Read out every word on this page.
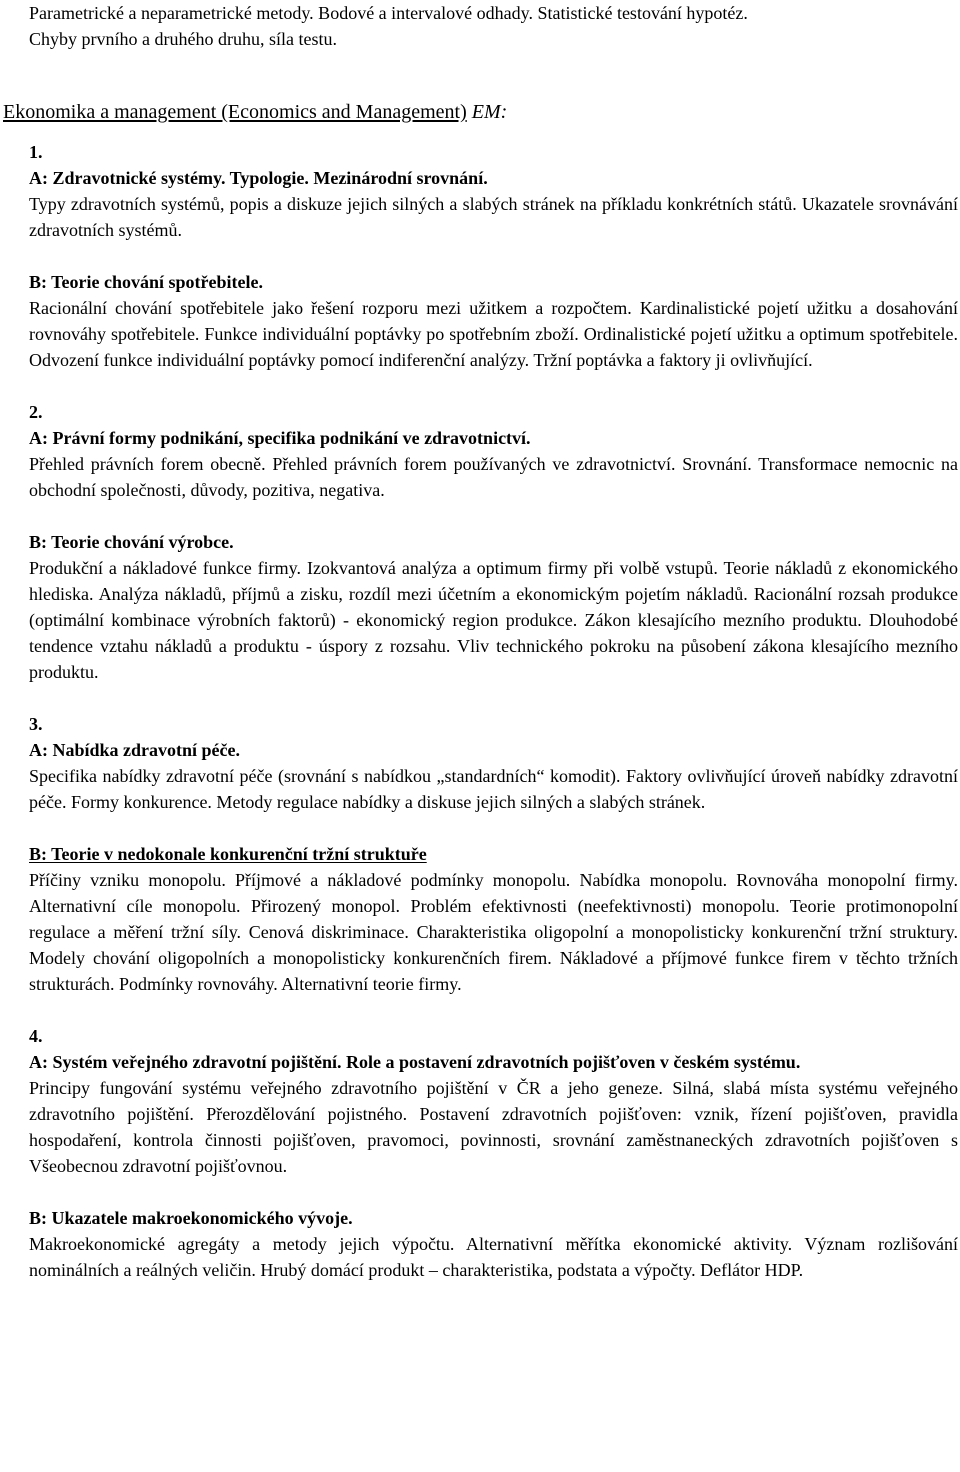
Parametrické a neparametrické metody. Bodové a intervalové odhady. Statistické testování hypotéz.
Chyby prvního a druhého druhu, síla testu.

Ekonomika a management (Economics and Management) EM:

1.

A: Zdravotnické systémy. Typologie. Mezinárodní srovnání.
Typy zdravotních systémů, popis a diskuze jejich silných a slabých stránek na příkladu konkrétních států. Ukazatele srovnávání zdravotních systémů.

B: Teorie chování spotřebitele.
Racionální chování spotřebitele jako řešení rozporu mezi užitkem a rozpočtem. Kardinalistické pojetí užitku a dosahování rovnováhy spotřebitele. Funkce individuální poptávky po spotřebním zboží. Ordinalistické pojetí užitku a optimum spotřebitele. Odvození funkce individuální poptávky pomocí indiferenční analýzy. Tržní poptávka a faktory ji ovlivňující.

2.

A: Právní formy podnikání, specifika podnikání ve zdravotnictví.
Přehled právních forem obecně. Přehled právních forem používaných ve zdravotnictví. Srovnání. Transformace nemocnic na obchodní společnosti, důvody, pozitiva, negativa.

B: Teorie chování výrobce.
Produkční a nákladové funkce firmy. Izokvantová analýza a optimum firmy při volbě vstupů. Teorie nákladů z ekonomického hlediska. Analýza nákladů, příjmů a zisku, rozdíl mezi účetním a ekonomickým pojetím nákladů. Racionální rozsah produkce (optimální kombinace výrobních faktorů) - ekonomický region produkce. Zákon klesajícího mezního produktu. Dlouhodobé tendence vztahu nákladů a produktu - úspory z rozsahu. Vliv technického pokroku na působení zákona klesajícího mezního produktu.

3.

A: Nabídka zdravotní péče.
Specifika nabídky zdravotní péče (srovnání s nabídkou „standardních“ komodit). Faktory ovlivňující úroveň nabídky zdravotní péče. Formy konkurence. Metody regulace nabídky a diskuse jejich silných a slabých stránek.

B: Teorie v nedokonale konkurenční tržní struktuře
Příčiny vzniku monopolu. Příjmové a nákladové podmínky monopolu. Nabídka monopolu. Rovnováha monopolní firmy. Alternativní cíle monopolu. Přirozený monopol. Problém efektivnosti (neefektivnosti) monopolu. Teorie protimonopolní regulace a měření tržní síly. Cenová diskriminace. Charakteristika oligopolní a monopolisticky konkurenční tržní struktury. Modely chování oligopolních a monopolisticky konkurenčních firem. Nákladové a příjmové funkce firem v těchto tržních strukturách. Podmínky rovnováhy. Alternativní teorie firmy.

4.

A: Systém veřejného zdravotní pojištění. Role a postavení zdravotních pojišťoven v českém systému.
Principy fungování systému veřejného zdravotního pojištění v ČR a jeho geneze. Silná, slabá místa systému veřejného zdravotního pojištění. Přerozdělování pojistného. Postavení zdravotních pojišťoven: vznik, řízení pojišťoven, pravidla hospodaření, kontrola činnosti pojišťoven, pravomoci, povinnosti, srovnání zaměstnaneckých zdravotních pojišťoven s Všeobecnou zdravotní pojišťovnou.

B: Ukazatele makroekonomického vývoje.
Makroekonomické agregáty a metody jejich výpočtu. Alternativní měřítka ekonomické aktivity. Význam rozlišování nominálních a reálných veličin. Hrubý domácí produkt – charakteristika, podstata a výpočty. Deflátor HDP.
